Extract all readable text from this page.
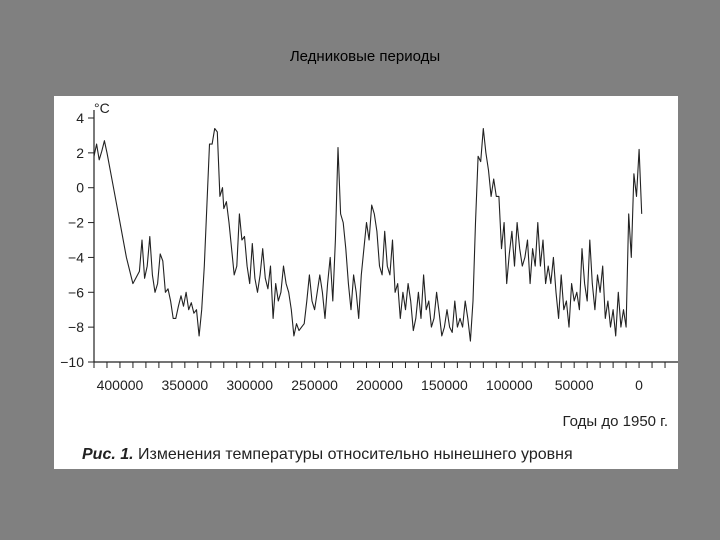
Ледниковые периоды
4
2
0
−2
−4
−6
−8
−10
400000 350000 300000 250000 200000 150000 100000 50000	0
°С
Годы до 1950 г.
Рис. 1. Изменения температуры относительно нынешнего уровня
